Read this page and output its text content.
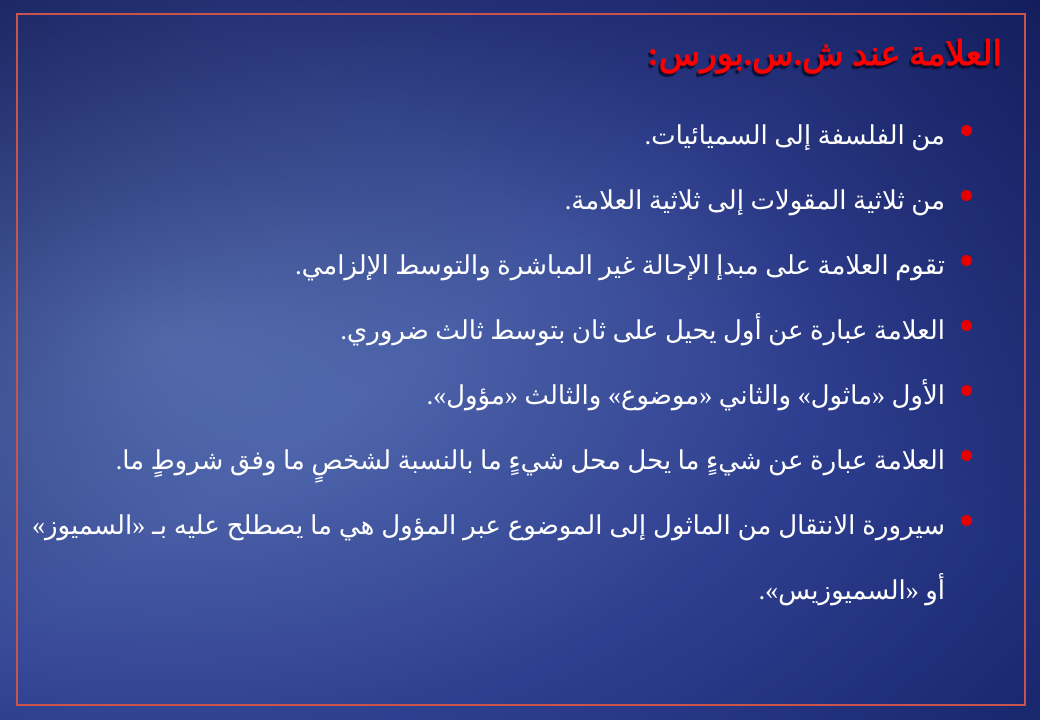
العلامة عند ش.س.بورس:
من الفلسفة إلى السميائيات.
من ثلاثية المقولات إلى ثلاثية العلامة.
تقوم العلامة على مبدإ الإحالة غير المباشرة والتوسط الإلزامي.
العلامة عبارة عن أول يحيل على ثان بتوسط ثالث ضروري.
الأول «ماثول» والثاني «موضوع» والثالث «مؤول».
العلامة عبارة عن شيءٍ ما يحل محل شيءٍ ما بالنسبة لشخصٍ ما وفق شروطٍ ما.
سيرورة الانتقال من الماثول إلى الموضوع عبر المؤول هي ما يصطلح عليه بـ «السميوز» أو «السميوزيس».
